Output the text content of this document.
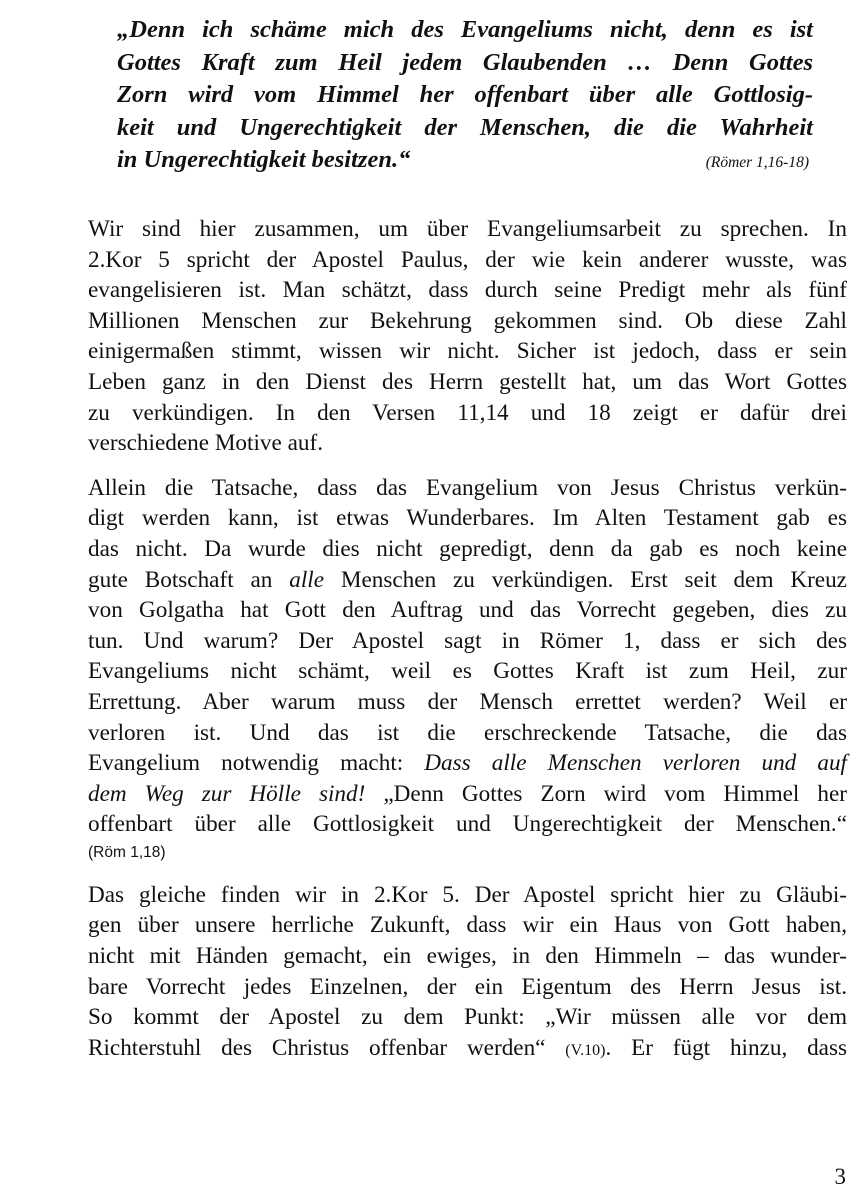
„Denn ich schäme mich des Evangeliums nicht, denn es ist
Gottes Kraft zum Heil jedem Glaubenden … Denn Gottes
Zorn wird vom Himmel her offenbart über alle Gottlosig-
keit und Ungerechtigkeit der Menschen, die die Wahrheit
in Ungerechtigkeit besitzen.“	(Römer 1,16-18)

Wir sind hier zusammen, um über Evangeliumsarbeit zu sprechen. In
2.Kor 5 spricht der Apostel Paulus, der wie kein anderer wusste, was
evangelisieren ist. Man schätzt, dass durch seine Predigt mehr als fünf
Millionen Menschen zur Bekehrung gekommen sind. Ob diese Zahl
einigermaßen stimmt, wissen wir nicht. Sicher ist jedoch, dass er sein
Leben ganz in den Dienst des Herrn gestellt hat, um das Wort Gottes
zu verkündigen. In den Versen 11,14 und 18 zeigt er dafür drei
verschiedene Motive auf.

Allein die Tatsache, dass das Evangelium von Jesus Christus verkün-
digt werden kann, ist etwas Wunderbares. Im Alten Testament gab es
das nicht. Da wurde dies nicht gepredigt, denn da gab es noch keine
gute Botschaft an alle Menschen zu verkündigen. Erst seit dem Kreuz
von Golgatha hat Gott den Auftrag und das Vorrecht gegeben, dies zu
tun. Und warum? Der Apostel sagt in Römer 1, dass er sich des
Evangeliums nicht schämt, weil es Gottes Kraft ist zum Heil, zur
Errettung. Aber warum muss der Mensch errettet werden? Weil er
verloren ist. Und das ist die erschreckende Tatsache, die das
Evangelium notwendig macht: Dass alle Menschen verloren und auf
dem Weg zur Hölle sind! „Denn Gottes Zorn wird vom Himmel her
offenbart über alle Gottlosigkeit und Ungerechtigkeit der Menschen.“
(Röm 1,18)

Das gleiche finden wir in 2.Kor 5. Der Apostel spricht hier zu Gläubi-
gen über unsere herrliche Zukunft, dass wir ein Haus von Gott haben,
nicht mit Händen gemacht, ein ewiges, in den Himmeln – das wunder-
bare Vorrecht jedes Einzelnen, der ein Eigentum des Herrn Jesus ist.
So kommt der Apostel zu dem Punkt: „Wir müssen alle vor dem
Richterstuhl des Christus offenbar werden“ (V.10). Er fügt hinzu, dass

3
